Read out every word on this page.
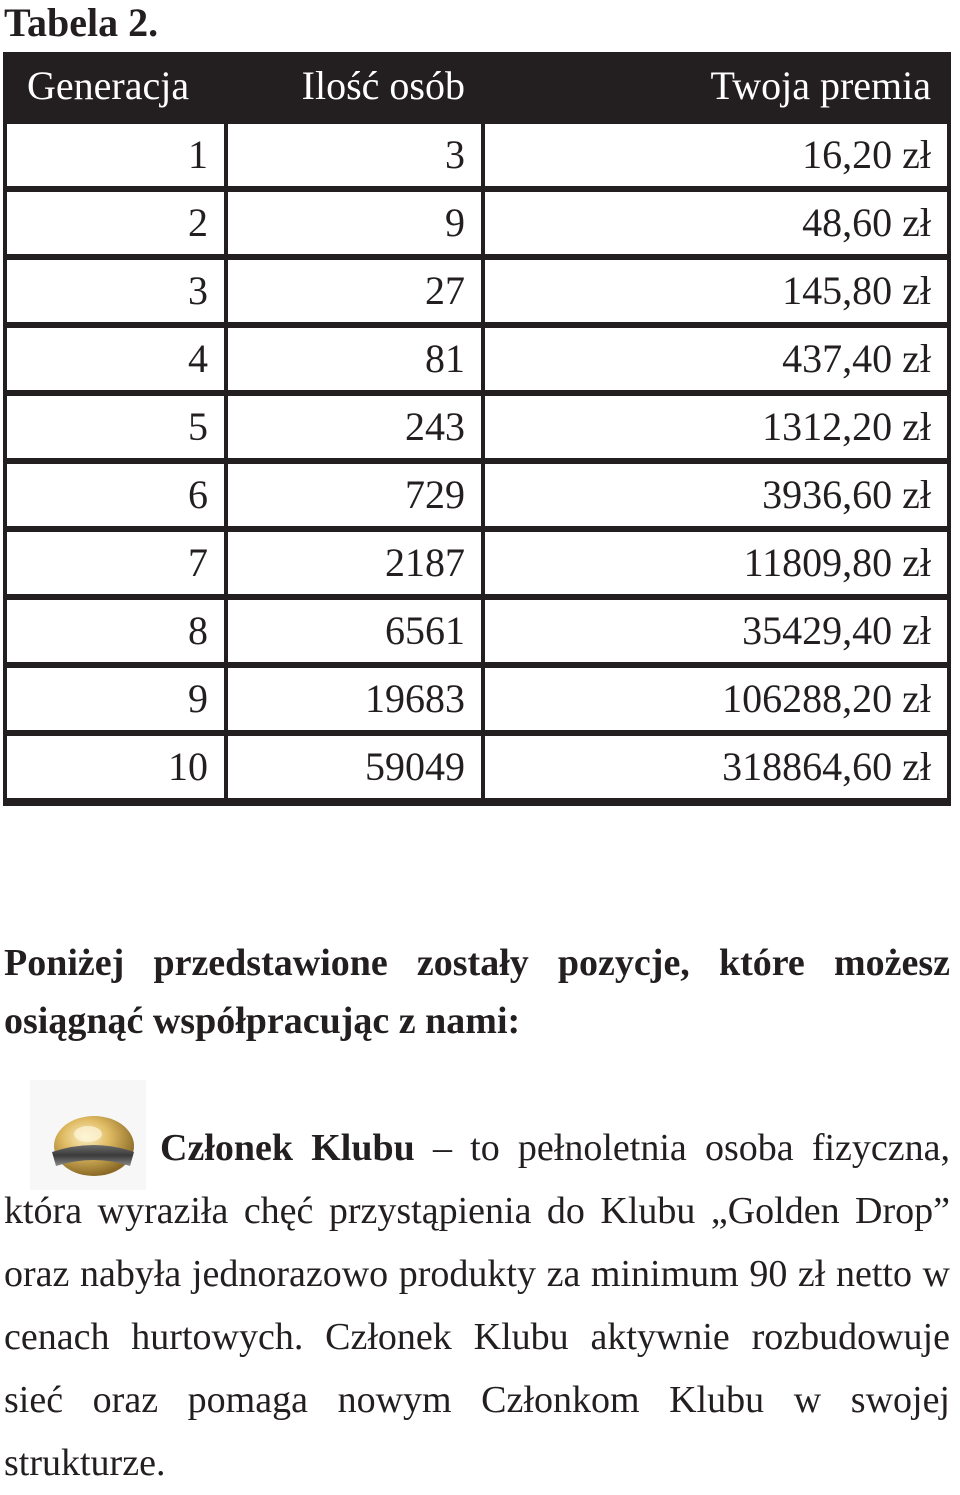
Tabela 2.
Generacja	Ilość osób	Twoja premia
1	3	16,20 zł
2	9	48,60 zł
3	27	145,80 zł
4	81	437,40 zł
5	243	1312,20 zł
6	729	3936,60 zł
7	2187	11809,80 zł
8	6561	35429,40 zł
9	19683	106288,20 zł
10	59049	318864,60 zł

Poniżej przedstawione zostały pozycje, które możesz osiągnąć współpracując z nami:

Członek Klubu – to pełnoletnia osoba fizyczna, która wyraziła chęć przystąpienia do Klubu „Golden Drop” oraz nabyła jednorazowo produkty za minimum 90 zł netto w cenach hurtowych. Członek Klubu aktywnie rozbudowuje sieć oraz pomaga nowym Członkom Klubu w swojej strukturze.
